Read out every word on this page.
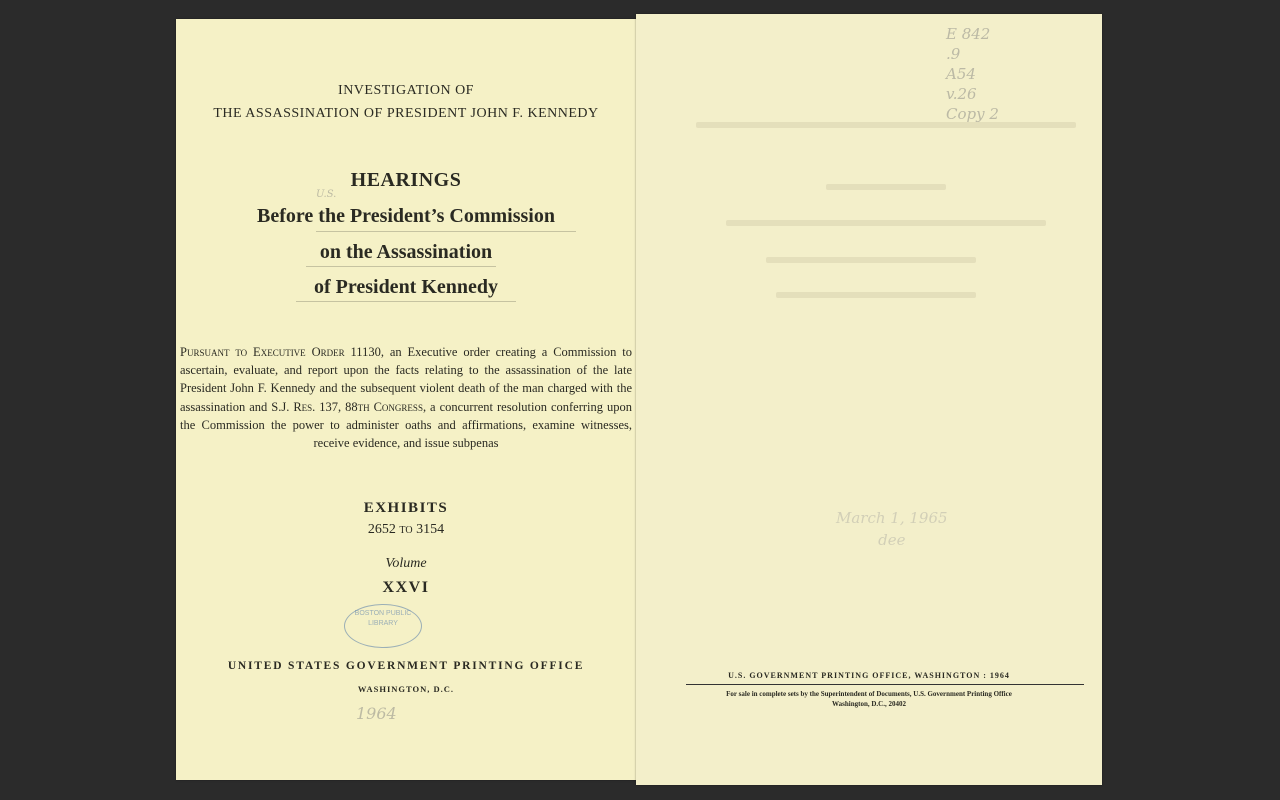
INVESTIGATION OF
THE ASSASSINATION OF PRESIDENT JOHN F. KENNEDY
U.S.
HEARINGS
Before the President’s Commission
on the Assassination
of President Kennedy
Pursuant to Executive Order 11130, an Executive order creating a Commission to ascertain, evaluate, and report upon the facts relating to the assassination of the late President John F. Kennedy and the subsequent violent death of the man charged with the assassination and S.J. Res. 137, 88th Congress, a concurrent resolution conferring upon the Commission the power to administer oaths and affirmations, examine witnesses, receive evidence, and issue subpenas
EXHIBITS
2652 to 3154
Volume
XXVI
BOSTON PUBLIC LIBRARY
UNITED STATES GOVERNMENT PRINTING OFFICE
WASHINGTON, D.C.
1964
E 842
.9
A54
v.26
Copy 2
March 1, 1965
dee
U.S. GOVERNMENT PRINTING OFFICE, WASHINGTON : 1964
For sale in complete sets by the Superintendent of Documents, U.S. Government Printing Office
Washington, D.C., 20402
